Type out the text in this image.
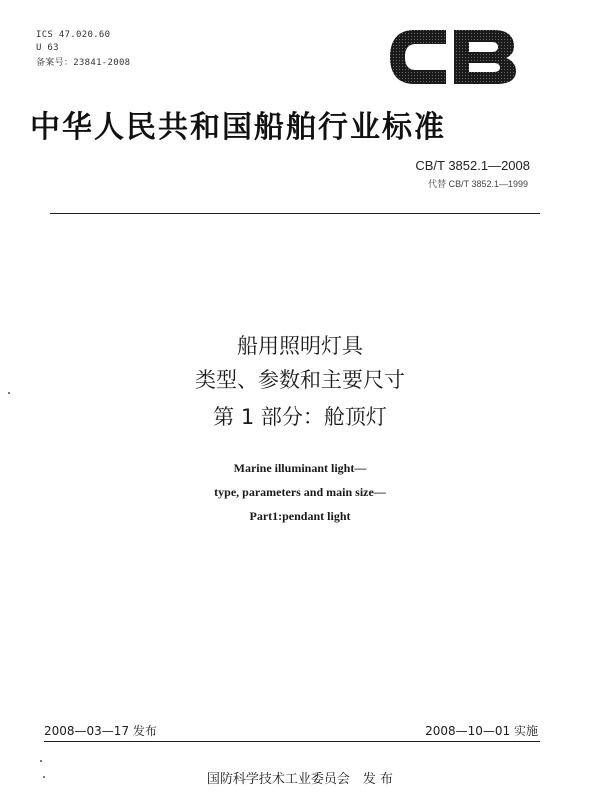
ICS 47.020.60
U 63
备案号：23841-2008
中华人民共和国船舶行业标准
CB/T 3852.1—2008
代替 CB/T 3852.1—1999
船用照明灯具
类型、参数和主要尺寸
第 1 部分：舱顶灯
Marine illuminant light—
type, parameters and main size—
Part1:pendant light
2008—03—17 发布	2008—10—01 实施
国防科学技术工业委员会　发 布
